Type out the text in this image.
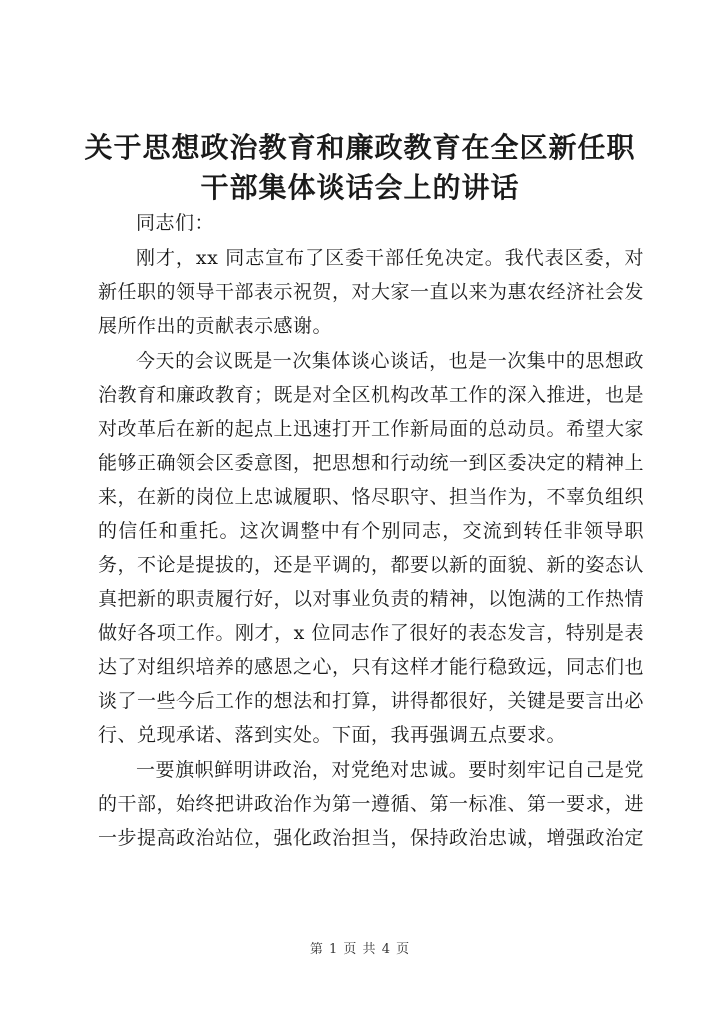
关于思想政治教育和廉政教育在全区新任职干部集体谈话会上的讲话

同志们：

刚才，xx 同志宣布了区委干部任免决定。我代表区委，对新任职的领导干部表示祝贺，对大家一直以来为惠农经济社会发展所作出的贡献表示感谢。

今天的会议既是一次集体谈心谈话，也是一次集中的思想政治教育和廉政教育；既是对全区机构改革工作的深入推进，也是对改革后在新的起点上迅速打开工作新局面的总动员。希望大家能够正确领会区委意图，把思想和行动统一到区委决定的精神上来，在新的岗位上忠诚履职、恪尽职守、担当作为，不辜负组织的信任和重托。这次调整中有个别同志，交流到转任非领导职务，不论是提拔的，还是平调的，都要以新的面貌、新的姿态认真把新的职责履行好，以对事业负责的精神，以饱满的工作热情做好各项工作。刚才，x 位同志作了很好的表态发言，特别是表达了对组织培养的感恩之心，只有这样才能行稳致远，同志们也谈了一些今后工作的想法和打算，讲得都很好，关键是要言出必行、兑现承诺、落到实处。下面，我再强调五点要求。

一要旗帜鲜明讲政治，对党绝对忠诚。要时刻牢记自己是党的干部，始终把讲政治作为第一遵循、第一标准、第一要求，进一步提高政治站位，强化政治担当，保持政治忠诚，增强政治定

第 1 页 共 4 页
